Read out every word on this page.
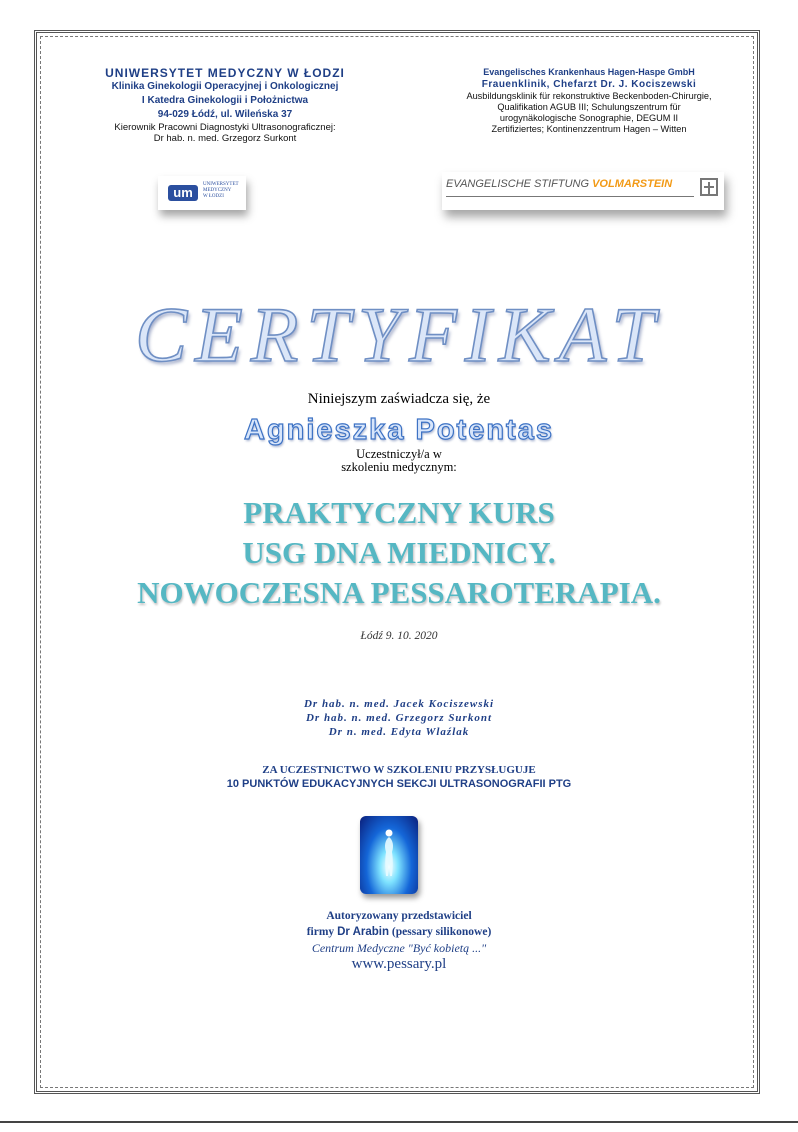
UNIWERSYTET MEDYCZNY W ŁODZI
Klinika Ginekologii Operacyjnej i Onkologicznej
I Katedra Ginekologii i Położnictwa
94-029 Łódź, ul. Wileńska 37
Kierownik Pracowni Diagnostyki Ultrasonograficznej:
Dr hab. n. med. Grzegorz Surkont
Evangelisches Krankenhaus Hagen-Haspe GmbH
Frauenklinik, Chefarzt Dr. J. Kociszewski
Ausbildungsklinik für rekonstruktive Beckenboden-Chirurgie,
Qualifikation AGUB III; Schulungszentrum für
urogynäkologische Sonographie, DEGUM II
Zertifiziertes; Kontinenzzentrum Hagen – Witten
um
UNIWERSYTET
MEDYCZNY
W ŁODZI
EVANGELISCHE STIFTUNG VOLMARSTEIN
CERTYFIKAT
Niniejszym zaświadcza się, że
Agnieszka Potentas
Uczestniczył/a w
szkoleniu medycznym:
PRAKTYCZNY KURS
USG DNA MIEDNICY.
NOWOCZESNA PESSAROTERAPIA.
Łódź 9. 10. 2020
Dr hab. n. med. Jacek Kociszewski
Dr hab. n. med. Grzegorz Surkont
Dr n. med. Edyta Wlaźlak
ZA UCZESTNICTWO W SZKOLENIU PRZYSŁUGUJE
10 PUNKTÓW EDUKACYJNYCH SEKCJI ULTRASONOGRAFII PTG
Autoryzowany przedstawiciel
firmy Dr Arabin (pessary silikonowe)
Centrum Medyczne "Być kobietą ..."
www.pessary.pl
